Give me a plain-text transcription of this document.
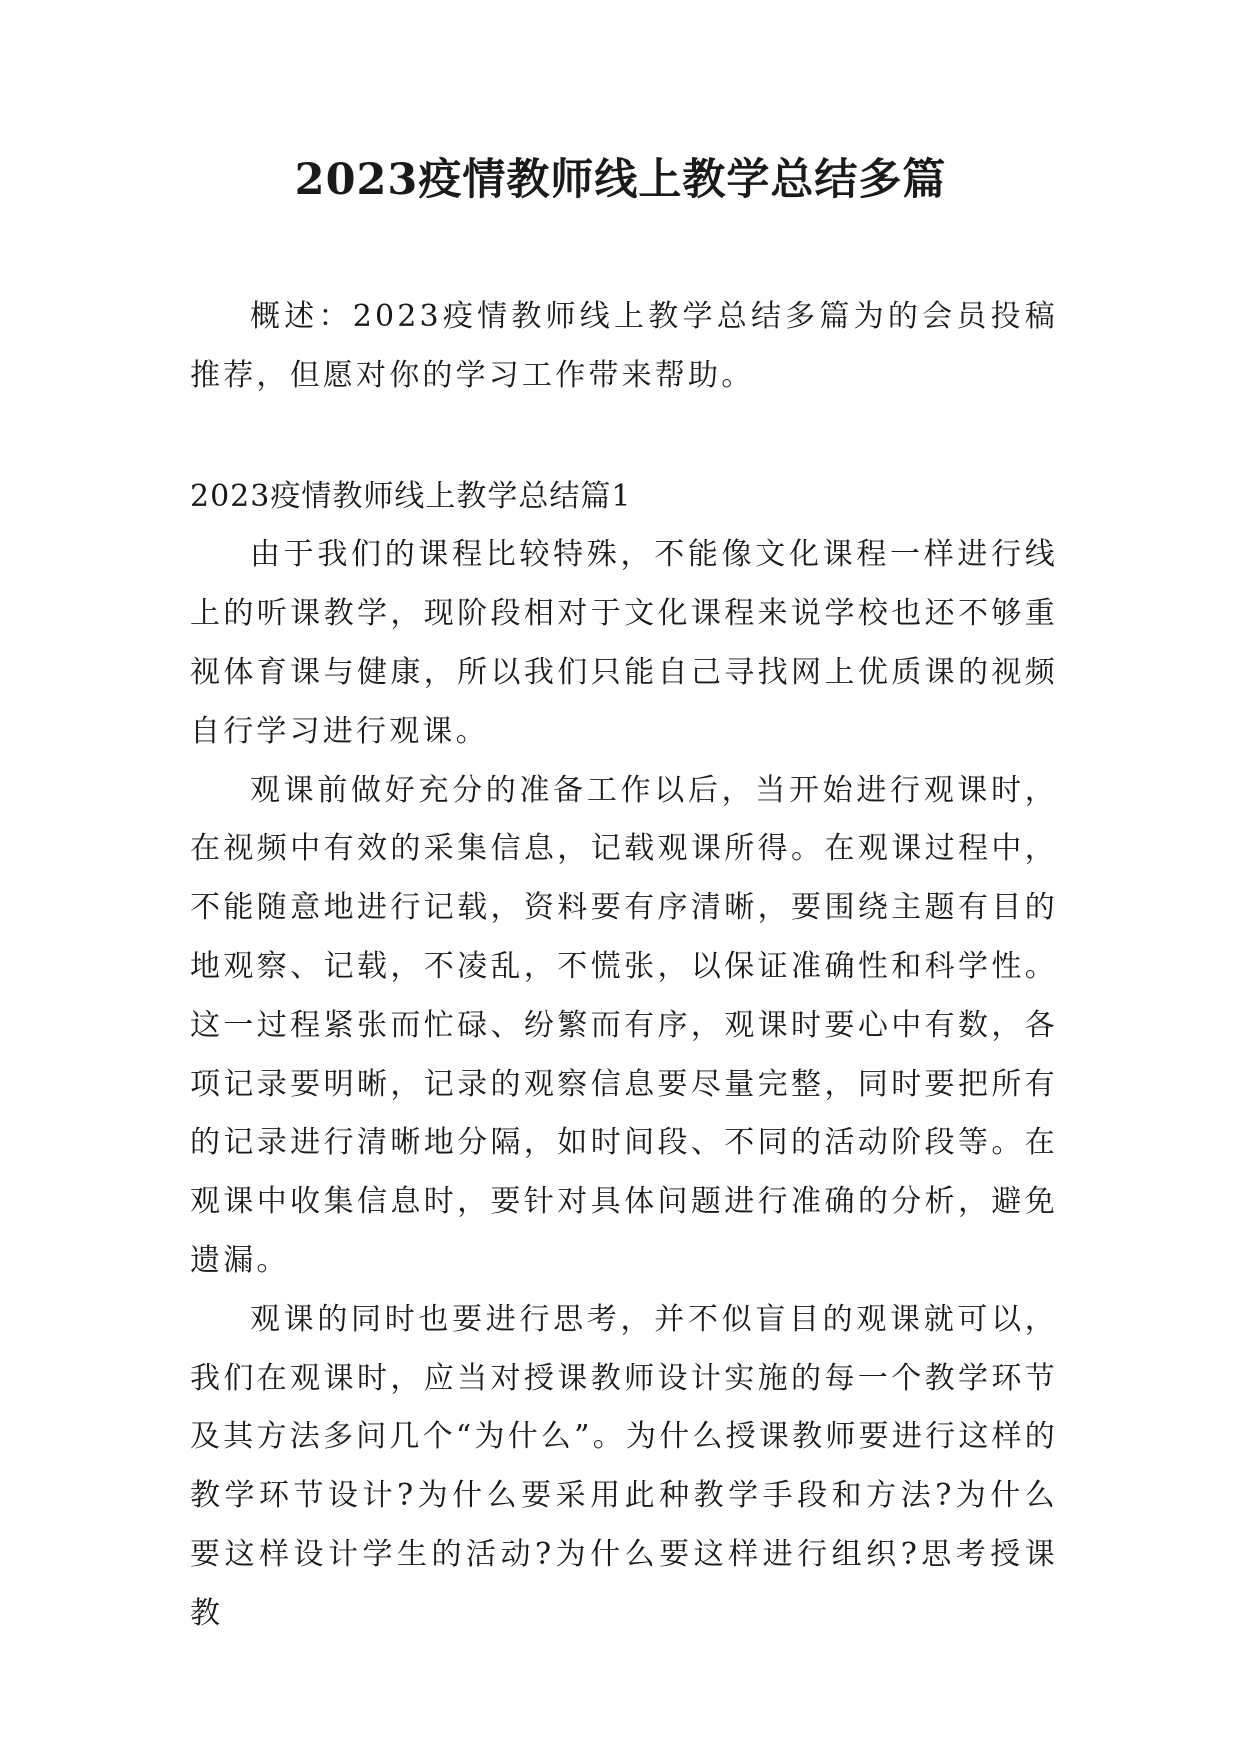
2023疫情教师线上教学总结多篇

概述：2023疫情教师线上教学总结多篇为的会员投稿推荐，但愿对你的学习工作带来帮助。

2023疫情教师线上教学总结篇1

由于我们的课程比较特殊，不能像文化课程一样进行线上的听课教学，现阶段相对于文化课程来说学校也还不够重视体育课与健康，所以我们只能自己寻找网上优质课的视频自行学习进行观课。

观课前做好充分的准备工作以后，当开始进行观课时，在视频中有效的采集信息，记载观课所得。在观课过程中，不能随意地进行记载，资料要有序清晰，要围绕主题有目的地观察、记载，不凌乱，不慌张，以保证准确性和科学性。这一过程紧张而忙碌、纷繁而有序，观课时要心中有数，各项记录要明晰，记录的观察信息要尽量完整，同时要把所有的记录进行清晰地分隔，如时间段、不同的活动阶段等。在观课中收集信息时，要针对具体问题进行准确的分析，避免遗漏。

观课的同时也要进行思考，并不似盲目的观课就可以，我们在观课时，应当对授课教师设计实施的每一个教学环节及其方法多问几个“为什么”。为什么授课教师要进行这样的教学环节设计?为什么要采用此种教学手段和方法?为什么要这样设计学生的活动?为什么要这样进行组织?思考授课教
